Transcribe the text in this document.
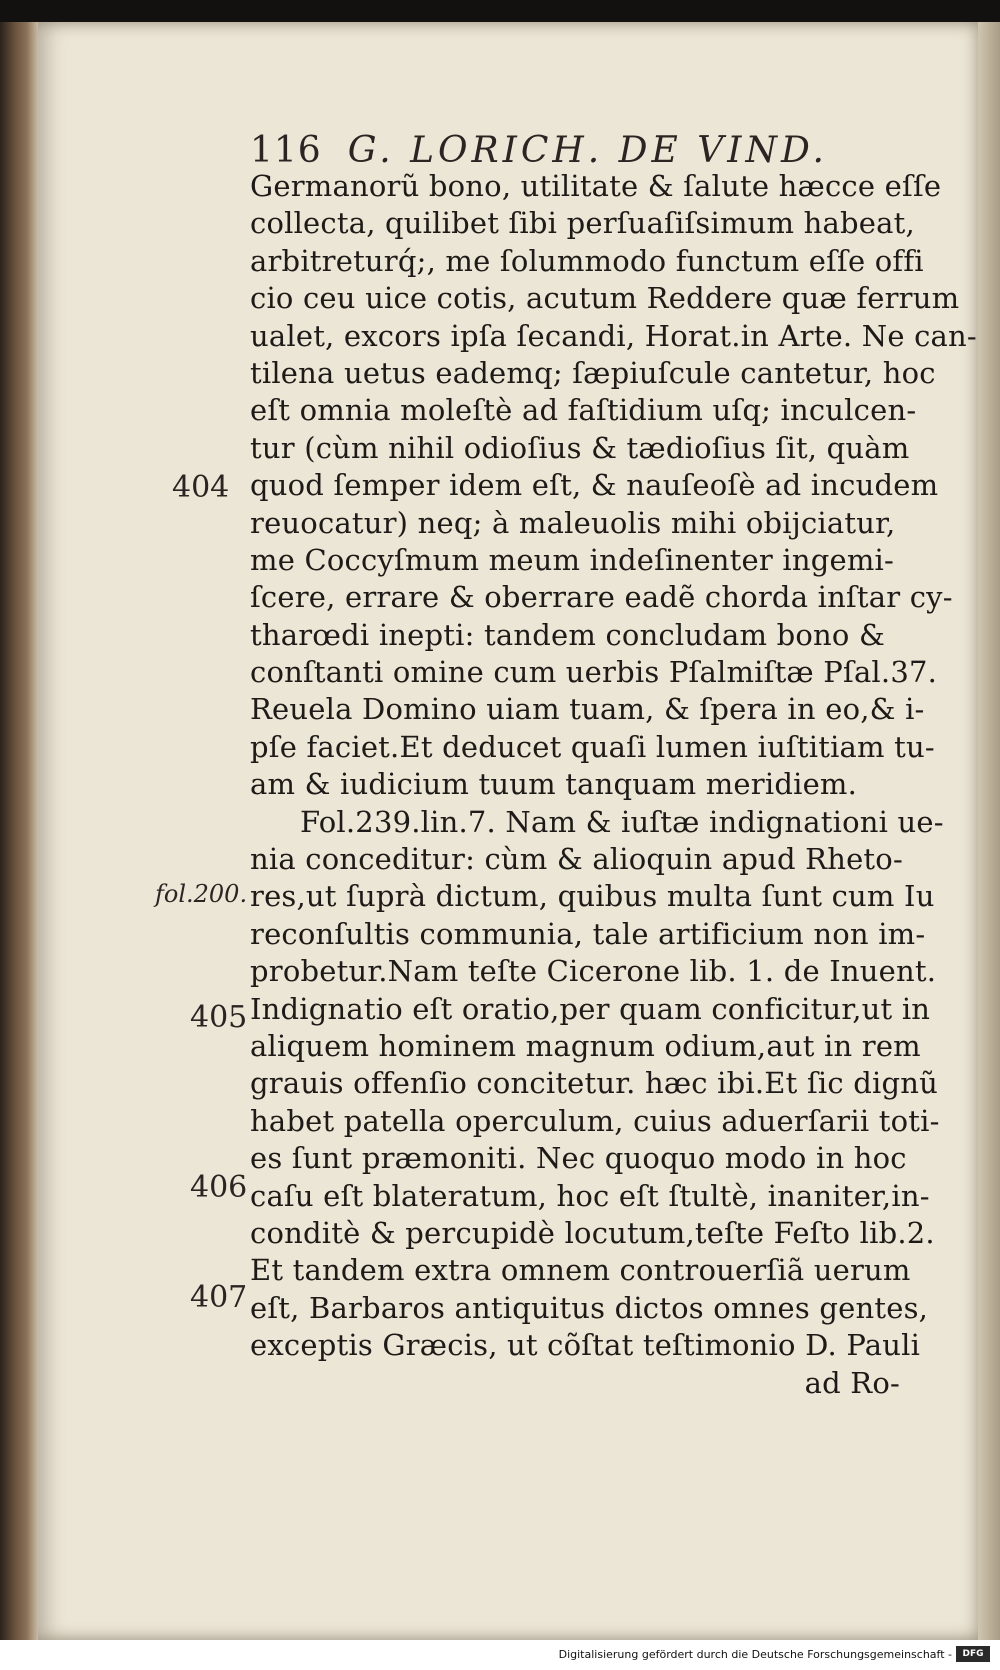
116 G. LORICH. DE VIND.
Germanorũ bono, utilitate & ſalute hæcce eſſe
collecta, quilibet ſibi perſuaſiſsimum habeat,
arbitreturq́;, me ſolummodo functum eſſe offi
cio ceu uice cotis, acutum Reddere quæ ferrum
ualet, excors ipſa ſecandi, Horat.in Arte. Ne can-
tilena uetus eademq; ſæpiuſcule cantetur, hoc
eſt omnia moleſtè ad faſtidium uſq; inculcen-
tur (cùm nihil odioſius & tædioſius ſit, quàm
quod ſemper idem eſt, & nauſeoſè ad incudem
reuocatur) neq; à maleuolis mihi obijciatur,
me Coccyſmum meum indeſinenter ingemi-
ſcere, errare & oberrare eadẽ chorda inſtar cy-
tharœdi inepti: tandem concludam bono &
conſtanti omine cum uerbis Pſalmiſtæ Pſal.37.
Reuela Domino uiam tuam, & ſpera in eo,& i-
pſe faciet.Et deducet quaſi lumen iuſtitiam tu-
am & iudicium tuum tanquam meridiem.
Fol.239.lin.7. Nam & iuſtæ indignationi ue-
nia conceditur: cùm & alioquin apud Rheto-
res,ut ſuprà dictum, quibus multa ſunt cum Iu
reconſultis communia, tale artificium non im-
probetur.Nam teſte Cicerone lib. 1. de Inuent.
Indignatio eſt oratio,per quam conficitur,ut in
aliquem hominem magnum odium,aut in rem
grauis offenſio concitetur. hæc ibi.Et ſic dignũ
habet patella operculum, cuius aduerſarii toti-
es ſunt præmoniti. Nec quoquo modo in hoc
caſu eſt blateratum, hoc eſt ſtultè, inaniter,in-
conditè & percupidè locutum,teſte Feſto lib.2.
Et tandem extra omnem controuerſiã uerum
eſt, Barbaros antiquitus dictos omnes gentes,
exceptis Græcis, ut cõſtat teſtimonio D. Pauli
ad Ro-
404
fol.200.
405
406
407
Digitalisierung gefördert durch die Deutsche Forschungsgemeinschaft -	DFG
